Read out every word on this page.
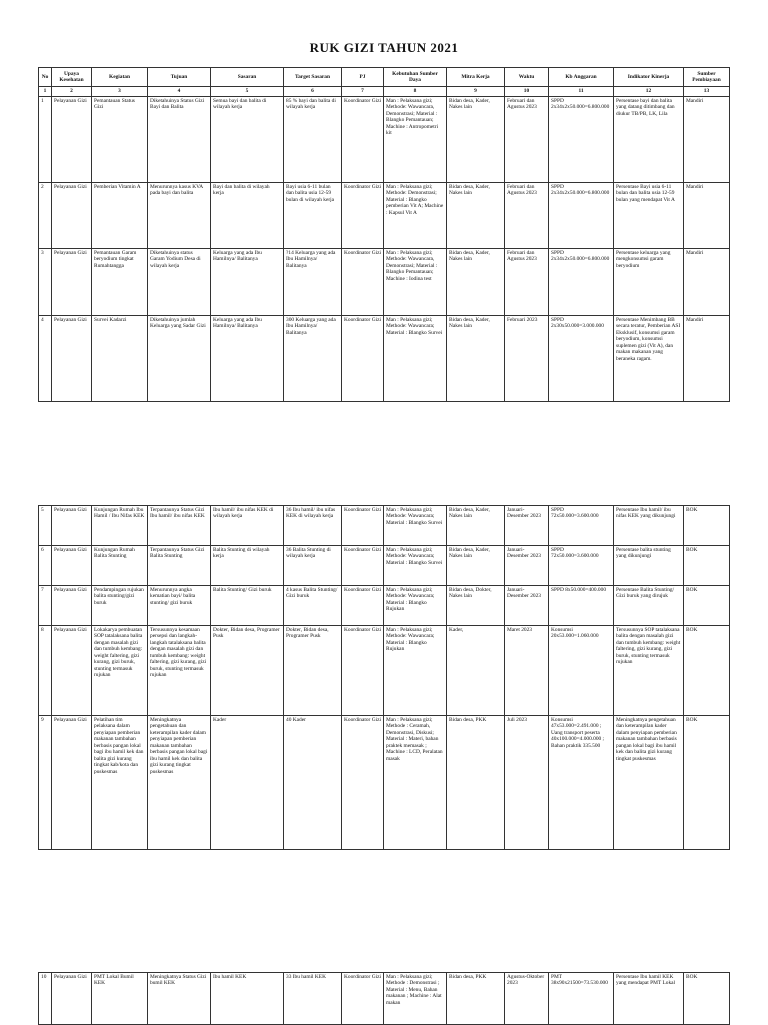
RUK GIZI TAHUN 2021
No	Upaya Kesehatan	Kegiatan	Tujuan	Sasaran	Target Sasaran	PJ	Kebutuhan Sumber Daya	Mitra Kerja	Waktu	Kb Anggaran	Indikator Kinerja	Sumber Pembiayaan
1	2	3	4	5	6	7	8	9	10	11	12	13
1	Pelayanan Gizi	Pemantauan Status Gizi	Diketahuinya Status Gizi Bayi dan Balita	Semua bayi dan balita di wilayah kerja	85 % bayi dan balita di wilayah kerja	Koordinator Gizi	Man : Pelaksana gizi; Methode: Wawancara, Demonstrasi; Material : Blangko Pemantauan; Machine : Antropometri kit	Bidan desa, Kader, Nakes lain	Februari dan Agustus 2023	SPPD 2x34x2x50.000=6.800.000	Persentase bayi dan balita yang datang ditimbang dan diukur TB/PB, LK, Lila	Mandiri
2	Pelayanan Gizi	Pemberian Vitamin A	Menurunnya kasus KVA pada bayi dan balita	Bayi dan balita di wilayah kerja	Bayi usia 6-11 bulan dan balita usia 12-59 bulan di wilayah kerja	Koordinator Gizi	Man : Pelaksana gizi; Methode: Demonstrasi; Material : Blangko pemberian Vit A; Machine : Kapsul Vit A	Bidan desa, Kader, Nakes lain	Februari dan Agustus 2023	SPPD 2x34x2x50.000=6.800.000	Persentase Bayi usia 6-11 bulan dan balita usia 12-59 bulan yang mendapat Vit A	Mandiri
3	Pelayanan Gizi	Pemantauan Garam beryodium tingkat Rumahtangga	Diketahuinya status Garam Yodium Desa di wilayah kerja	Keluarga yang ada Ibu Hamilnya/ Balitanya	?14 Keluarga yang ada Ibu Hamilnya/ Balitanya	Koordinator Gizi	Man : Pelaksana gizi; Methode: Wawancara, Demonstrasi; Material : Blangko Pemantauan; Machine : Iodina test	Bidan desa, Kader, Nakes lain	Februari dan Agustus 2023	SPPD 2x34x2x50.000=6.800.000	Persentase keluarga yang mengkonsumsi garam beryodium	Mandiri
4	Pelayanan Gizi	Survei Kadarzi	Diketahuinya jumlah Keluarga yang Sadar Gizi	Keluarga yang ada Ibu Hamilnya/ Balitanya	300 Keluarga yang ada Ibu Hamilnya/ Balitanya	Koordinator Gizi	Man : Pelaksana gizi; Methode: Wawancara; Material : Blangko Survei	Bidan desa, Kader, Nakes lain	Februari 2023	SPPD 2x30x50.000=3.000.000	Persentase Menimbang BB secara teratur, Pemberian ASI Eksklusif, konsumsi garam beryodium, konsumsi suplemen gizi (Vit A), dan makan makanan yang beraneka ragam.	Mandiri
5	Pelayanan Gizi	Kunjungan Rumah Ibu Hamil / Ibu Nifas KEK	Terpantaunya Status Gizi Ibu hamil/ ibu nifas KEK	Ibu hamil/ ibu nifas KEK di wilayah kerja	36 Ibu hamil/ ibu nifas KEK di wilayah kerja	Koordinator Gizi	Man : Pelaksana gizi; Methode: Wawancara; Material : Blangko Survei	Bidan desa, Kader, Nakes lain	Januari-Desember 2023	SPPD 72x50.000=3.600.000	Persentase Ibu hamil/ ibu nifas KEK yang dikunjungi	BOK
6	Pelayanan Gizi	Kunjungan Rumah Balita Stunting	Terpantaunya Status Gizi Balita Stunting	Balita Stunting di wilayah kerja	36 Balita Stunting di wilayah kerja	Koordinator Gizi	Man : Pelaksana gizi; Methode: Wawancara; Material : Blangko Survei	Bidan desa, Kader, Nakes lain	Januari-Desember 2023	SPPD 72x50.000=3.600.000	Persentase balita stunting yang dikunjungi	BOK
7	Pelayanan Gizi	Pendampingan rujukan balita stunting/gizi buruk	Menurunnya angka kematian bayi/ balita stunting/ gizi buruk	Balita Stunting/ Gizi buruk	4 kasus Balita Stunting/ Gizi buruk	Koordinator Gizi	Man : Pelaksana gizi; Methode: Wawancara; Material : Blangko Rujukan	Bidan desa, Dokter, Nakes lain	Januari-Desember 2023	SPPD 8x50.000=400.000	Persentase Balita Stunting/ Gizi buruk yang dirujuk	BOK
8	Pelayanan Gizi	Lokakarya pembuatan SOP tatalaksana balita dengan masalah gizi dan tumbuh kembang: weight faltering, gizi kurang, gizi buruk, stunting termasuk rujukan	Tersusunnya kesamaan persepsi dan langkah-langkah tatalaksana balita dengan masalah gizi dan tumbuh kembang: weight faltering, gizi kurang, gizi buruk, stunting termasuk rujukan	Dokter, Bidan desa, Programer Pusk	Dokter, Bidan desa, Programer Pusk	Koordinator Gizi	Man : Pelaksana gizi; Methode: Wawancara; Material : Blangko Rujukan	Kader,	Maret 2023	Konsumsi 20x53.000=1.060.000	Tersusunnya SOP tatalaksana balita dengan masalah gizi dan tumbuh kembang: weight faltering, gizi kurang, gizi buruk, stunting termasuk rujukan	BOK
9	Pelayanan Gizi	Pelatihan tim pelaksana dalam penyiapan pemberian makanan tambahan berbasis pangan lokal bagi ibu hamil kek dan balita gizi kurang tingkat kab/kota dan puskesmas	Meningkatnya pengetahuan dan keterampilan kader dalam penyiapan pemberian makanan tambahan berbasis pangan lokal bagi ibu hamil kek dan balita gizi kurang tingkat puskesmas	Kader	40 Kader	Koordinator Gizi	Man : Pelaksana gizi; Methode : Ceramah, Demonstrasi, Diskusi; Material : Materi, bahan praktek memasak ; Machine : LCD, Peralatan masak	Bidan desa, PKK	Juli 2023	Konsumsi 47x53.000=2.491.000 ; Uang transport peserta 40x100.000=4.000.000 ; Bahan praktik 335.500	Meningkatnya pengetahuan dan keterampilan kader dalam penyiapan pemberian makanan tambahan berbasis pangan lokal bagi ibu hamil kek dan balita gizi kurang tingkat puskesmas	BOK
10	Pelayanan Gizi	PMT Lokal Bumil KEK	Meningkatnya Status Gizi bumil KEK	Ibu hamil KEK	33 Ibu hamil KEK	Koordinator Gizi	Man : Pelaksana gizi; Methode : Demonstrasi ; Material : Menu, Bahan makanan ; Machine : Alat makan	Bidan desa, PKK	Agustus-Oktober 2023	PMT 38x90x21500=73.530.000	Persentase Ibu hamil KEK yang mendapat PMT Lokal	BOK
